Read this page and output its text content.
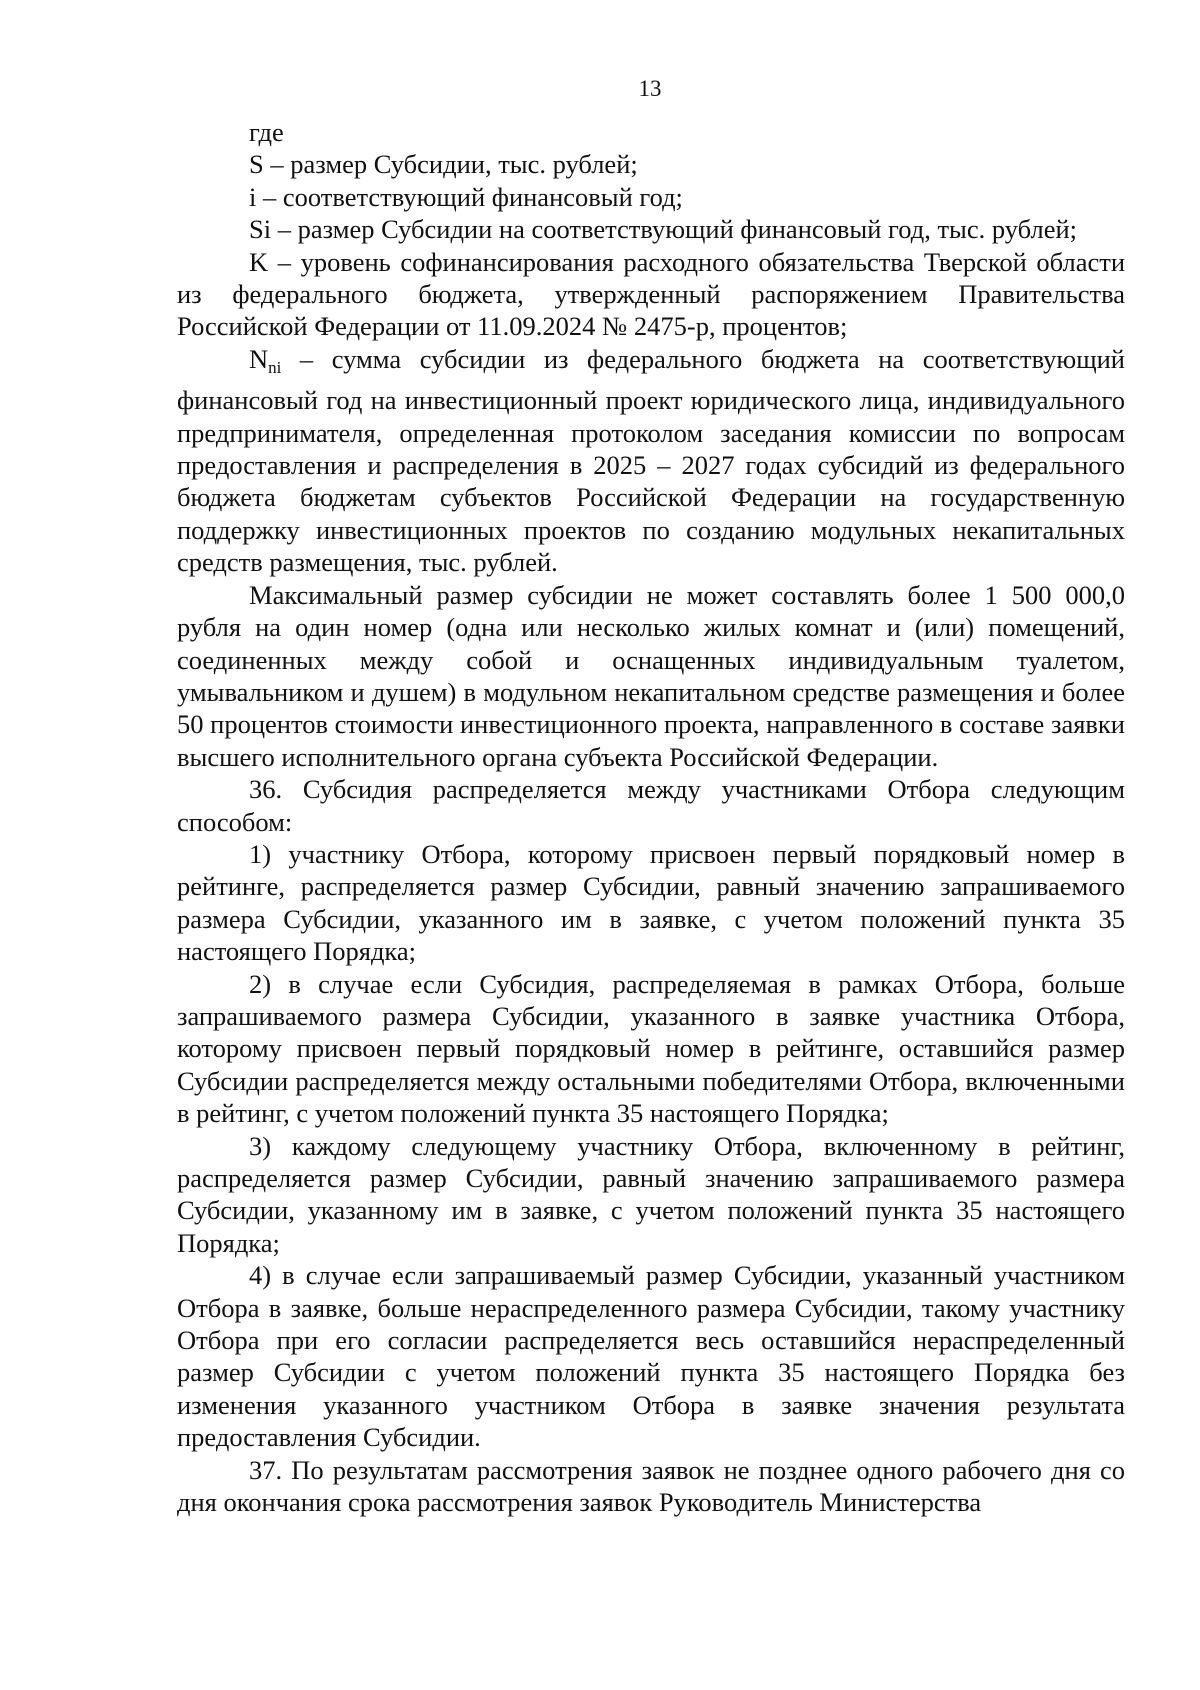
13

где

S – размер Субсидии, тыс. рублей;

i – соответствующий финансовый год;

Si – размер Субсидии на соответствующий финансовый год, тыс. рублей;

K – уровень софинансирования расходного обязательства Тверской области из федерального бюджета, утвержденный распоряжением Правительства Российской Федерации от 11.09.2024 № 2475-р, процентов;

$N_{ni}$ – сумма субсидии из федерального бюджета на соответствующий финансовый год на инвестиционный проект юридического лица, индивидуального предпринимателя, определенная протоколом заседания комиссии по вопросам предоставления и распределения в 2025 – 2027 годах субсидий из федерального бюджета бюджетам субъектов Российской Федерации на государственную поддержку инвестиционных проектов по созданию модульных некапитальных средств размещения, тыс. рублей.

Максимальный размер субсидии не может составлять более 1 500 000,0 рубля на один номер (одна или несколько жилых комнат и (или) помещений, соединенных между собой и оснащенных индивидуальным туалетом, умывальником и душем) в модульном некапитальном средстве размещения и более 50 процентов стоимости инвестиционного проекта, направленного в составе заявки высшего исполнительного органа субъекта Российской Федерации.

36. Субсидия распределяется между участниками Отбора следующим способом:

1) участнику Отбора, которому присвоен первый порядковый номер в рейтинге, распределяется размер Субсидии, равный значению запрашиваемого размера Субсидии, указанного им в заявке, с учетом положений пункта 35 настоящего Порядка;

2) в случае если Субсидия, распределяемая в рамках Отбора, больше запрашиваемого размера Субсидии, указанного в заявке участника Отбора, которому присвоен первый порядковый номер в рейтинге, оставшийся размер Субсидии распределяется между остальными победителями Отбора, включенными в рейтинг, с учетом положений пункта 35 настоящего Порядка;

3) каждому следующему участнику Отбора, включенному в рейтинг, распределяется размер Субсидии, равный значению запрашиваемого размера Субсидии, указанному им в заявке, с учетом положений пункта 35 настоящего Порядка;

4) в случае если запрашиваемый размер Субсидии, указанный участником Отбора в заявке, больше нераспределенного размера Субсидии, такому участнику Отбора при его согласии распределяется весь оставшийся нераспределенный размер Субсидии с учетом положений пункта 35 настоящего Порядка без изменения указанного участником Отбора в заявке значения результата предоставления Субсидии.

37. По результатам рассмотрения заявок не позднее одного рабочего дня со дня окончания срока рассмотрения заявок Руководитель Министерства
